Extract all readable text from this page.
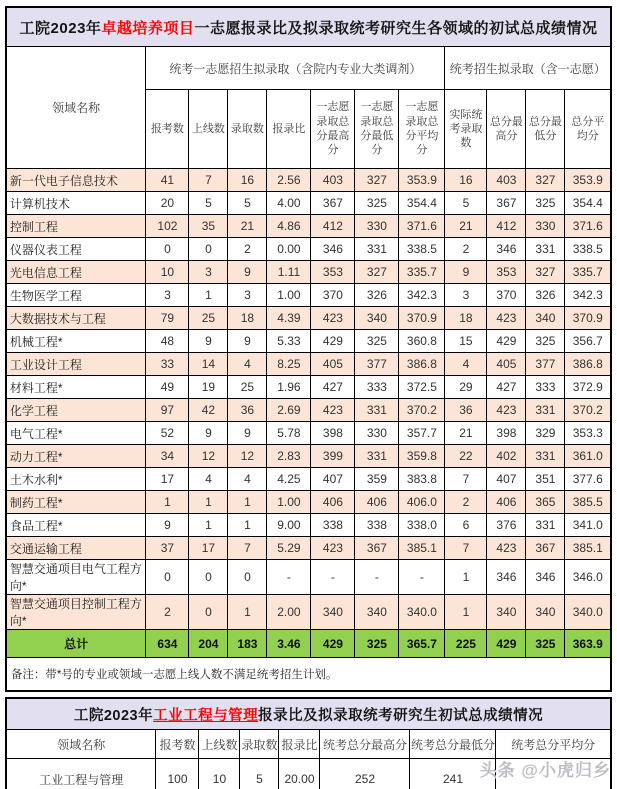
工院2023年卓越培养项目一志愿报录比及拟录取统考研究生各领域的初试总成绩情况											
领域名称	统考一志愿招生拟录取（含院内专业大类调剂）							统考招生拟录取（含一志愿）			
	报考数	上线数	录取数	报录比	一志愿录取总分最高分	一志愿录取总分最低分	一志愿录取总分平均分	实际统考录取数	总分最高分	总分最低分	总分平均分
新一代电子信息技术	41	7	16	2.56	403	327	353.9	16	403	327	353.9
计算机技术	20	5	5	4.00	367	325	354.4	5	367	325	354.4
控制工程	102	35	21	4.86	412	330	371.6	21	412	330	371.6
仪器仪表工程	0	0	2	0.00	346	331	338.5	2	346	331	338.5
光电信息工程	10	3	9	1.11	353	327	335.7	9	353	327	335.7
生物医学工程	3	1	3	1.00	370	326	342.3	3	370	326	342.3
大数据技术与工程	79	25	18	4.39	423	340	370.9	18	423	340	370.9
机械工程*	48	9	9	5.33	429	325	360.8	15	429	325	356.7
工业设计工程	33	14	4	8.25	405	377	386.8	4	405	377	386.8
材料工程*	49	19	25	1.96	427	333	372.5	29	427	333	372.9
化学工程	97	42	36	2.69	423	331	370.2	36	423	331	370.2
电气工程*	52	9	9	5.78	398	330	357.7	21	398	329	353.3
动力工程*	34	12	12	2.83	399	331	359.8	22	402	331	361.0
土木水利*	17	4	4	4.25	407	359	383.8	7	407	351	377.6
制药工程*	1	1	1	1.00	406	406	406.0	2	406	365	385.5
食品工程*	9	1	1	9.00	338	338	338.0	6	376	331	341.0
交通运输工程	37	17	7	5.29	423	367	385.1	7	423	367	385.1
智慧交通项目电气工程方向*	0	0	0	-	-	-	-	1	346	346	346.0
智慧交通项目控制工程方向*	2	0	1	2.00	340	340	340.0	1	340	340	340.0
总计	634	204	183	3.46	429	325	365.7	225	429	325	363.9
备注：带*号的专业或领域一志愿上线人数不满足统考招生计划。											
工院2023年工业工程与管理报录比及拟录取统考研究生初试总成绩情况							
领域名称	报考数	上线数	录取数	报录比	统考总分最高分	统考总分最低分	统考总分平均分
工业工程与管理	100	10	5	20.00	252	241	头条 @小虎归乡
